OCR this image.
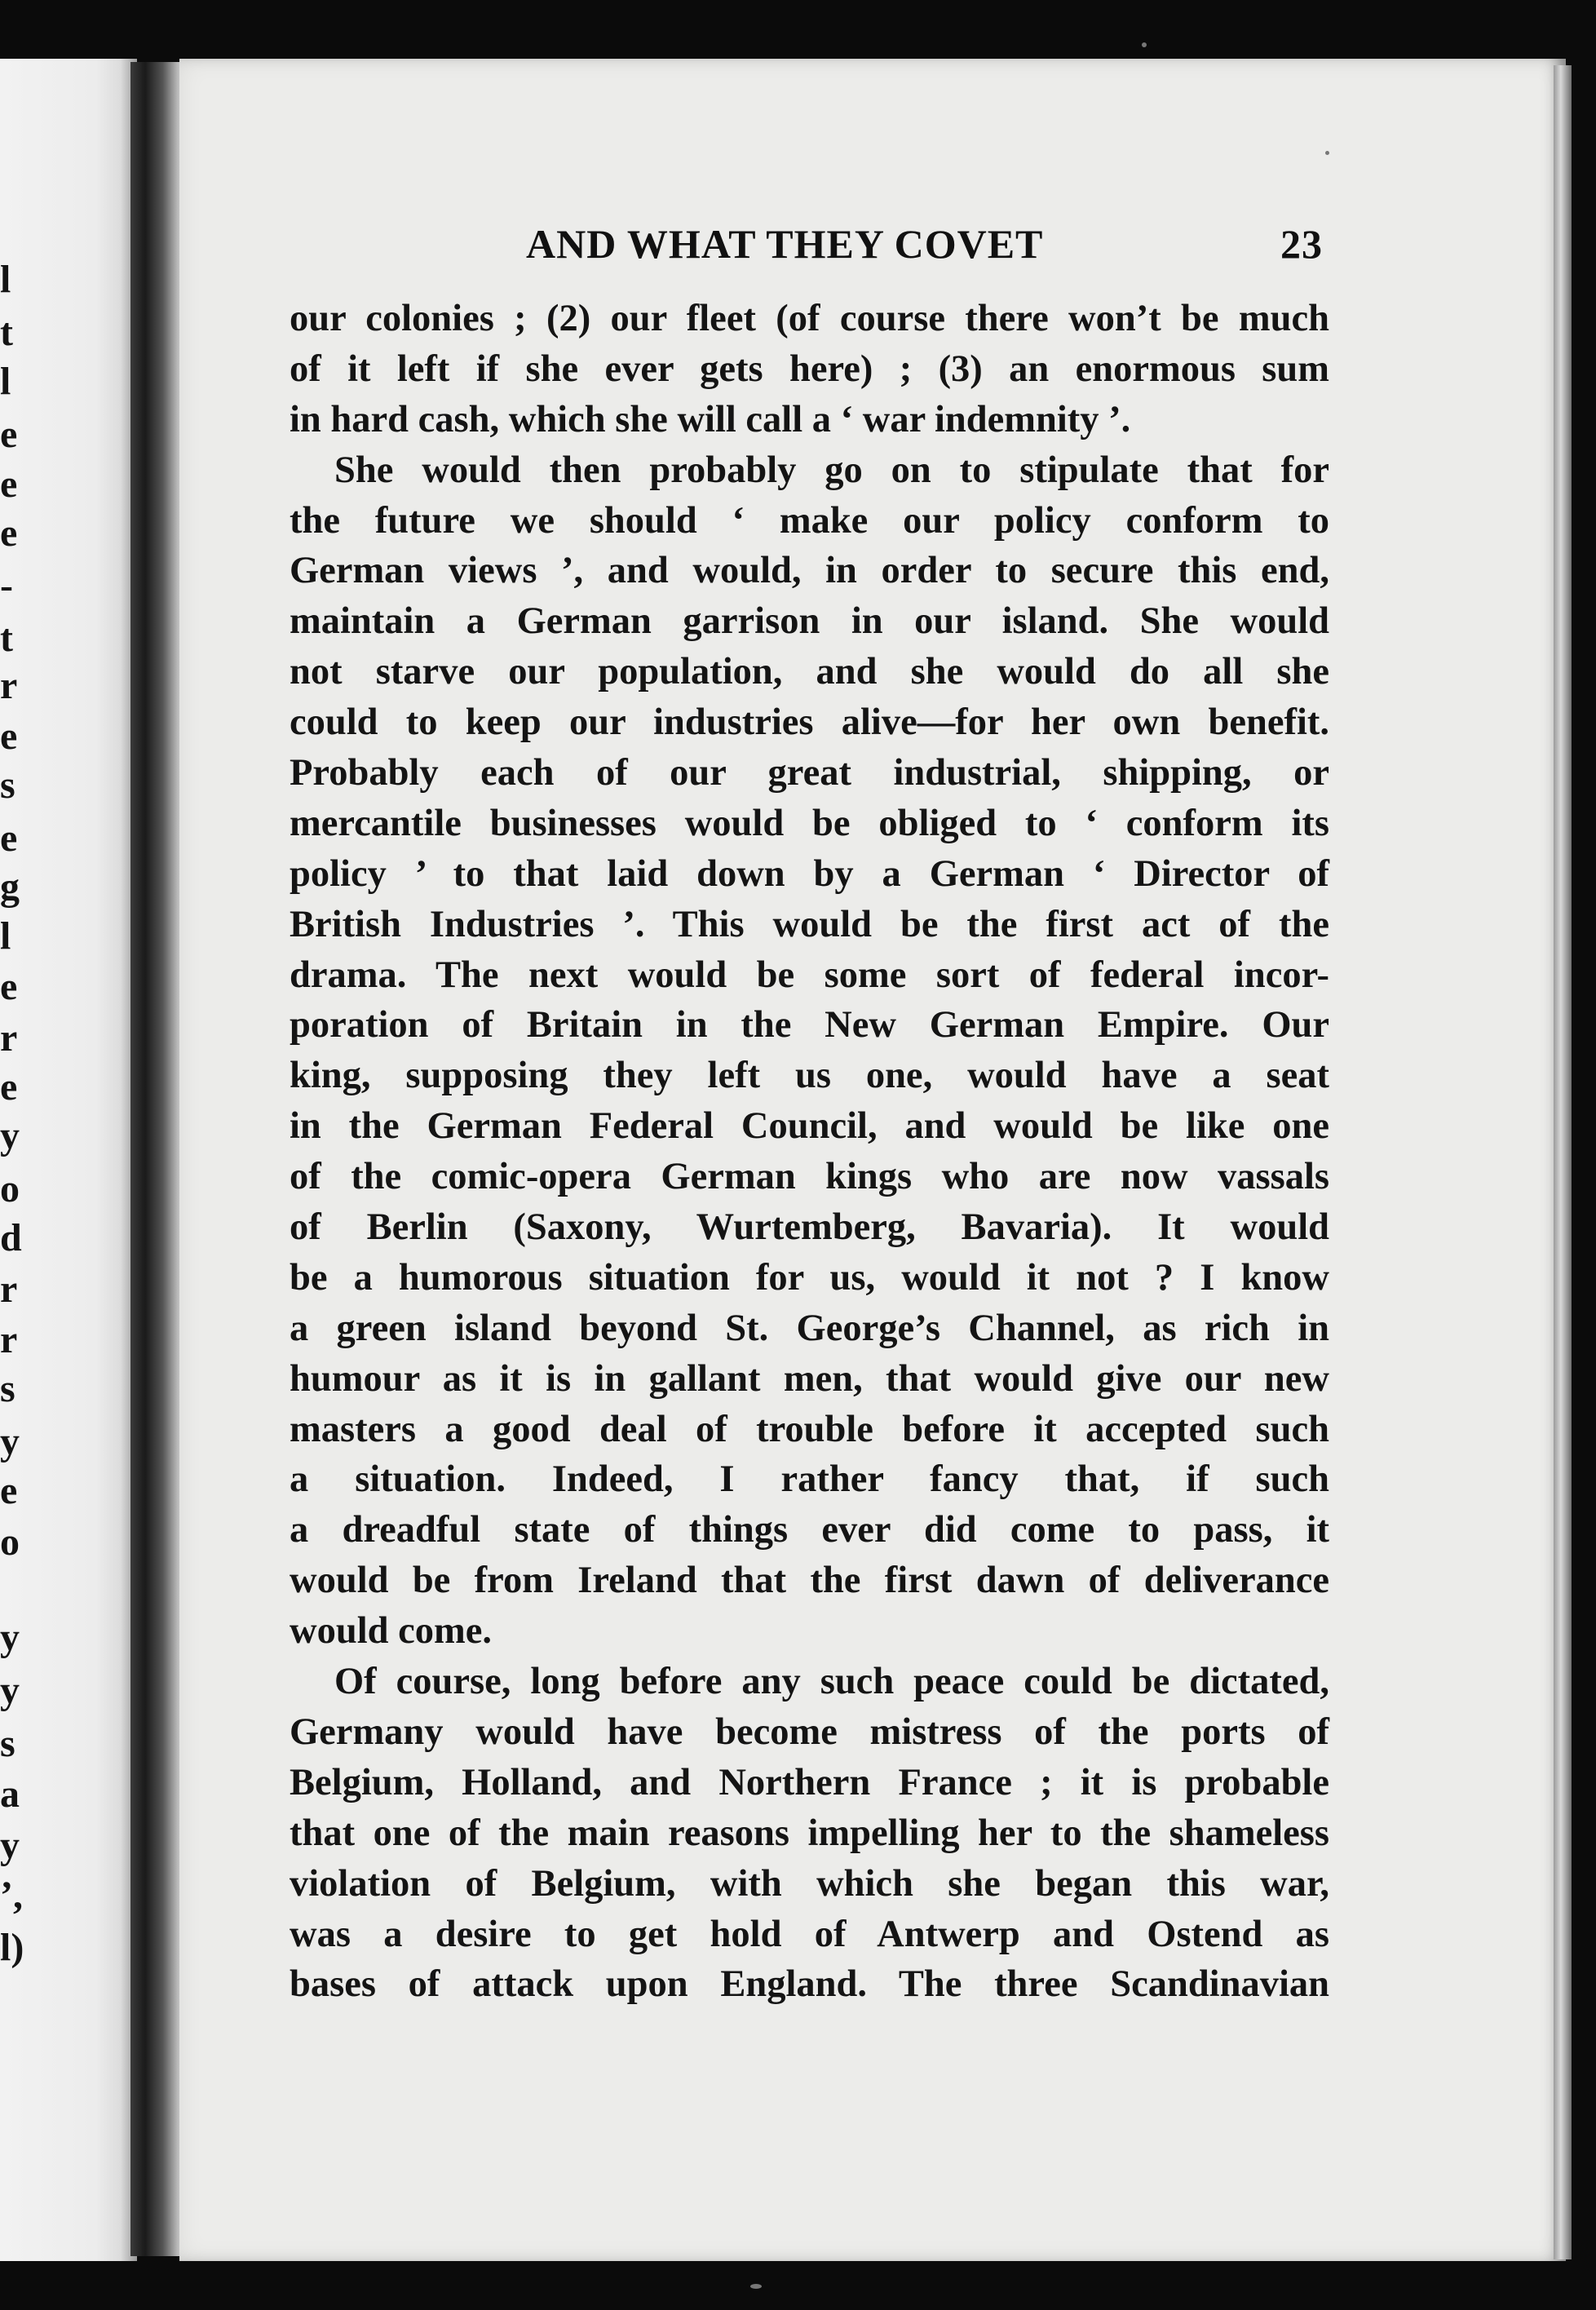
l
t
l
e
e
e
-
t
r
e
s
e
g
l
e
r
e
y
o
d
r
r
s
y
e
o
y
y
s
a
y
’,
l)
AND WHAT THEY COVET	23
our colonies ; (2) our fleet (of course there won’t be much
of it left if she ever gets here) ; (3) an enormous sum
in hard cash, which she will call a ‘ war indemnity ’.
She would then probably go on to stipulate that for
the future we should ‘ make our policy conform to
German views ’, and would, in order to secure this end,
maintain a German garrison in our island. She would
not starve our population, and she would do all she
could to keep our industries alive—for her own benefit.
Probably each of our great industrial, shipping, or
mercantile businesses would be obliged to ‘ conform its
policy ’ to that laid down by a German ‘ Director of
British Industries ’. This would be the first act of the
drama. The next would be some sort of federal incor-
poration of Britain in the New German Empire. Our
king, supposing they left us one, would have a seat
in the German Federal Council, and would be like one
of the comic-opera German kings who are now vassals
of Berlin (Saxony, Wurtemberg, Bavaria). It would
be a humorous situation for us, would it not ? I know
a green island beyond St. George’s Channel, as rich in
humour as it is in gallant men, that would give our new
masters a good deal of trouble before it accepted such
a situation. Indeed, I rather fancy that, if such
a dreadful state of things ever did come to pass, it
would be from Ireland that the first dawn of deliverance
would come.
Of course, long before any such peace could be dictated,
Germany would have become mistress of the ports of
Belgium, Holland, and Northern France ; it is probable
that one of the main reasons impelling her to the shameless
violation of Belgium, with which she began this war,
was a desire to get hold of Antwerp and Ostend as
bases of attack upon England. The three Scandinavian
